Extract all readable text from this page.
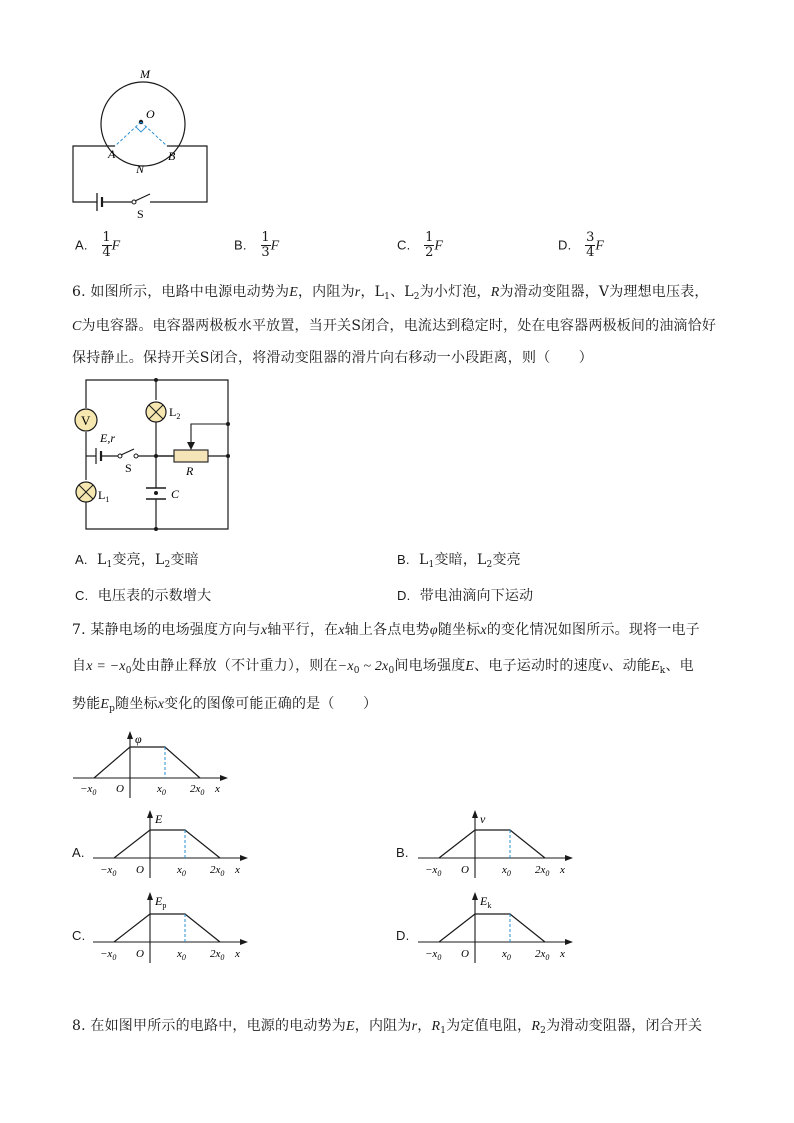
M
O
A
N
B
S
A. $\frac{1}{4}$ F	B. $\frac{1}{3}$ F	C. $\frac{1}{2}$ F	D. $\frac{3}{4}$ F
6. 如图所示，电路中电源电动势为E，内阻为r，$L_1$、$L_2$为小灯泡，R为滑动变阻器，V为理想电压表，
C为电容器。电容器两极板水平放置，当开关S闭合，电流达到稳定时，处在电容器两极板间的油滴恰好
保持静止。保持开关S闭合，将滑动变阻器的滑片向右移动一小段距离，则（　　）
V
$L_1$
E,r
S
$L_2$
C
R
A. $L_1$变亮，$L_2$变暗	B. $L_1$变暗，$L_2$变亮
C. 电压表的示数增大	D. 带电油滴向下运动
7. 某静电场的电场强度方向与x轴平行，在x轴上各点电势φ随坐标x的变化情况如图所示。现将一电子
自$x = -x_0$处由静止释放（不计重力），则在$-x_0$ ~ $2x_0$间电场强度E、电子运动时的速度v、动能$E_k$、电
势能$E_p$随坐标x变化的图像可能正确的是（　　）
φ
$-x_0$ O	$x_0$ $2x_0$ x
A.
E
$-x_0$ O	$x_0$ $2x_0$ x
B.
v
$-x_0$ O	$x_0$ $2x_0$ x
C.
$E_p$
$-x_0$ O	$x_0$ $2x_0$ x
D.
$E_k$
$-x_0$ O	$x_0$ $2x_0$ x
8. 在如图甲所示的电路中，电源的电动势为E，内阻为r，$R_1$为定值电阻，$R_2$为滑动变阻器，闭合开关
